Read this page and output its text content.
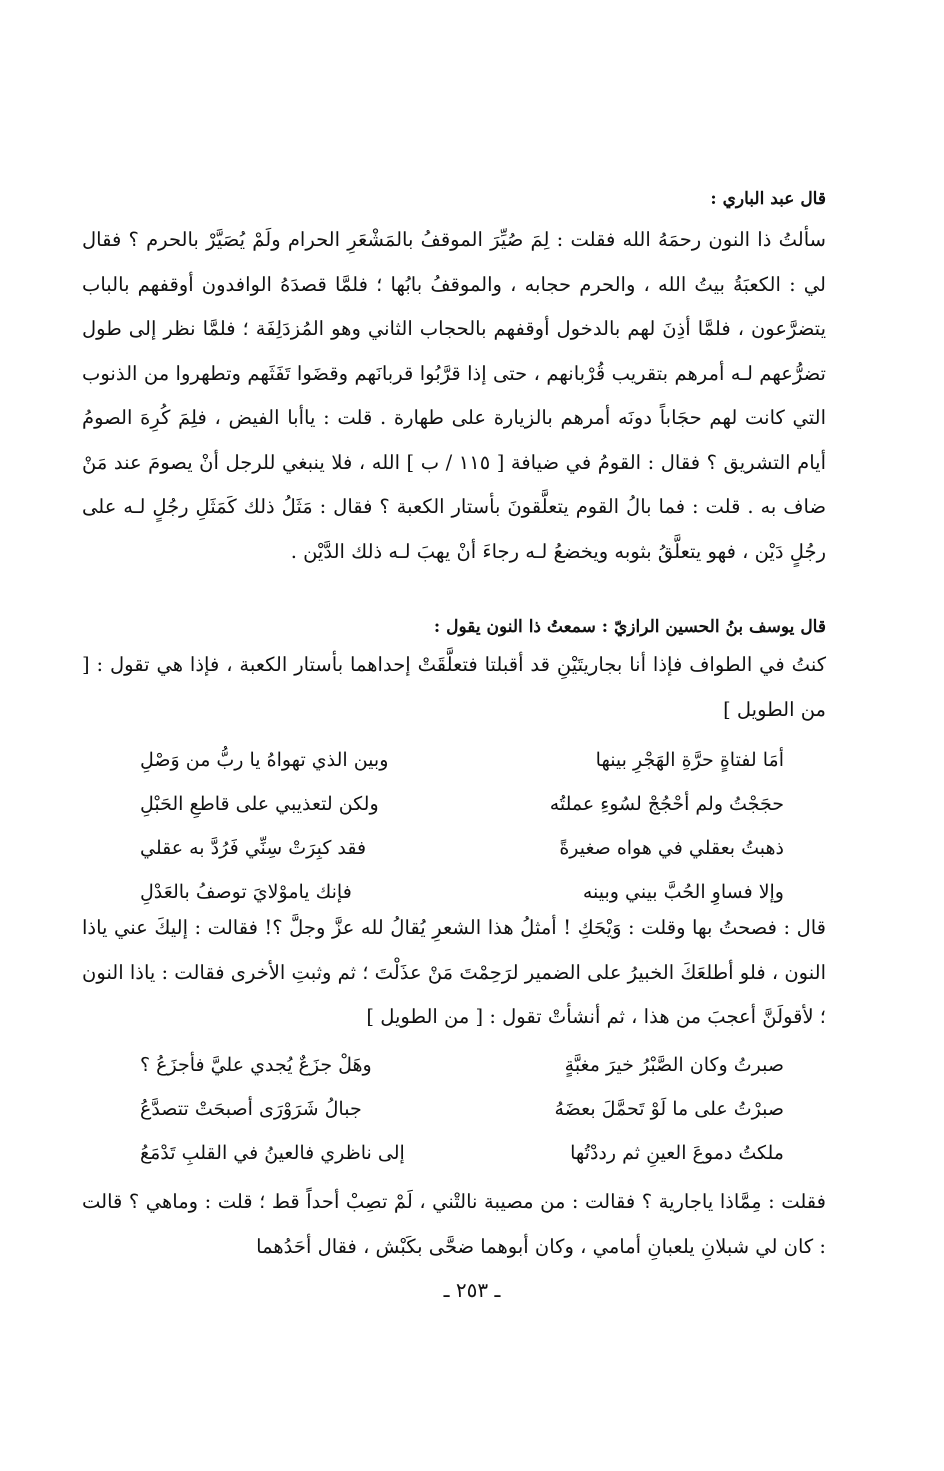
قال عبد الباري :

سألتُ ذا النون رحمَهُ الله فقلت : لِمَ صُيِّرَ الموقفُ بالمَشْعَرِ الحرام ولَمْ يُصَيَّرْ بالحرم ؟ فقال لي : الكعبَةُ بيتُ الله ، والحرم حجابه ، والموقفُ بابُها ؛ فلمَّا قصدَهُ الوافدون أوقفهم بالباب يتضرَّعون ، فلمَّا أذِنَ لهم بالدخول أوقفهم بالحجاب الثاني وهو المُزدَلِفَة ؛ فلمَّا نظر إلى طول تضرُّعهم لـه أمرهم بتقريب قُرْبانهم ، حتى إذا قرَّبُوا قربانَهم وقضَوا تَفَثَهم وتطهروا من الذنوب التي كانت لهم حجَاباً دونَه أمرهم بالزيارة على طهارة . قلت : ياأبا الفيض ، فلِمَ كُرِهَ الصومُ أيام التشريق ؟ فقال : القومُ في ضيافة [ ١١٥ / ب ] الله ، فلا ينبغي للرجل أنْ يصومَ عند مَنْ ضاف به . قلت : فما بالُ القوم يتعلَّقونَ بأستار الكعبة ؟ فقال : مَثَلُ ذلك كَمَثَلِ رجُلٍ لـه على رجُلٍ دَيْن ، فهو يتعلَّقُ بثوبه ويخضعُ لـه رجاءَ أنْ يهبَ لـه ذلك الدَّيْن .

قال يوسف بنُ الحسين الرازيّ : سمعتُ ذا النون يقول :

كنتُ في الطواف فإذا أنا بجاريتَيْنِ قد أقبلتا فتعلَّقَتْ إحداهما بأستار الكعبة ، فإذا هي تقول : [ من الطويل ]

أمَا لفتاةٍ حرَّةِ الهَجْرِ بينها
وبين الذي تهواهُ يا ربُّ من وَصْلِ
حجَجْتُ ولم أحْجُجْ لسُوءِ عملتُه
ولكن لتعذيبي على قاطعِ الحَبْلِ
ذهبتُ بعقلي في هواه صغيرةً
فقد كبِرَتْ سِنِّي فَرُدَّ به عقلي
وإلا فساوِ الحُبَّ بيني وبينه
فإنك ياموْلايَ توصفُ بالعَدْلِ

قال : فصحتُ بها وقلت : وَيْحَكِ ! أمثلُ هذا الشعرِ يُقالُ لله عزَّ وجلَّ ؟! فقالت : إليكَ عني ياذا النون ، فلو أطلعَكَ الخبيرُ على الضمير لرَحِمْتَ مَنْ عذَلْتَ ؛ ثم وثبتِ الأخرى فقالت : ياذا النون ؛ لأقولَنَّ أعجبَ من هذا ، ثم أنشأتْ تقول : [ من الطويل ]

صبرتُ وكان الصَّبْرُ خيرَ مغبَّةٍ
وهَلْ جزَعٌ يُجدي عليَّ فأجزَعُ ؟
صبرْتُ على ما لَوْ تَحمَّلَ بعضَهُ
جبالُ شَرَوْرَى أصبحَتْ تتصدَّعُ
ملكتُ دموعَ العينِ ثم رددْتُها
إلى ناظري فالعينُ في القلبِ تَدْمَعُ

فقلت : مِمَّاذا ياجارية ؟ فقالت : من مصيبة نالتْني ، لَمْ تصِبْ أحداً قط ؛ قلت : وماهي ؟ قالت : كان لي شبلانِ يلعبانِ أمامي ، وكان أبوهما ضحَّى بكَبْش ، فقال أحَدُهما

ـ ٢٥٣ ـ
